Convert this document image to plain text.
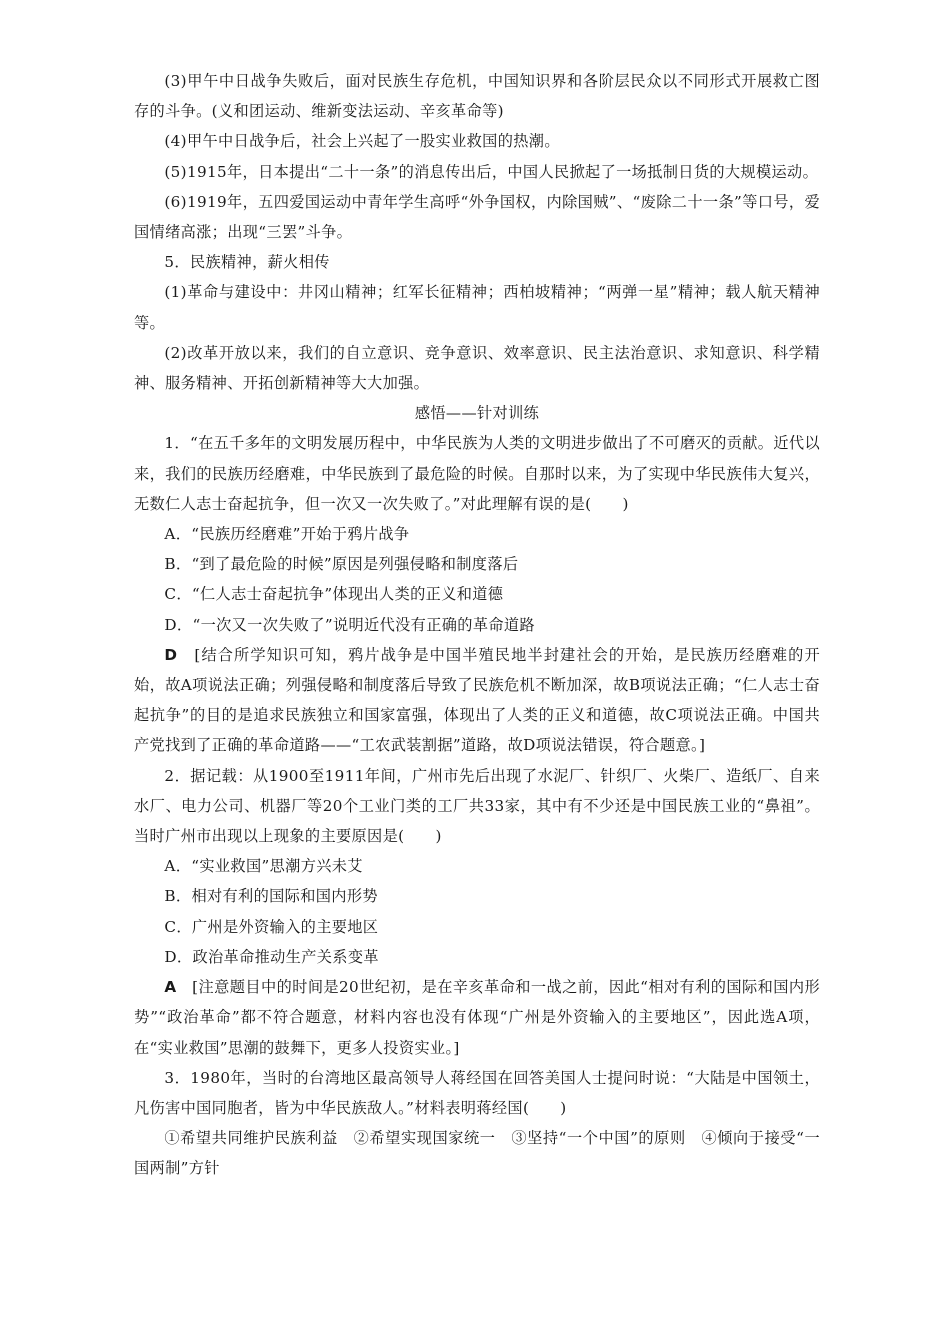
(3)甲午中日战争失败后，面对民族生存危机，中国知识界和各阶层民众以不同形式开展救亡图存的斗争。(义和团运动、维新变法运动、辛亥革命等)

(4)甲午中日战争后，社会上兴起了一股实业救国的热潮。

(5)1915年，日本提出“二十一条”的消息传出后，中国人民掀起了一场抵制日货的大规模运动。

(6)1919年，五四爱国运动中青年学生高呼“外争国权，内除国贼”、“废除二十一条”等口号，爱国情绪高涨；出现“三罢”斗争。

5．民族精神，薪火相传

(1)革命与建设中：井冈山精神；红军长征精神；西柏坡精神；“两弹一星”精神；载人航天精神等。

(2)改革开放以来，我们的自立意识、竞争意识、效率意识、民主法治意识、求知意识、科学精神、服务精神、开拓创新精神等大大加强。

感悟——针对训练

1．“在五千多年的文明发展历程中，中华民族为人类的文明进步做出了不可磨灭的贡献。近代以来，我们的民族历经磨难，中华民族到了最危险的时候。自那时以来，为了实现中华民族伟大复兴，无数仁人志士奋起抗争，但一次又一次失败了。”对此理解有误的是(　　)

A．“民族历经磨难”开始于鸦片战争

B．“到了最危险的时候”原因是列强侵略和制度落后

C．“仁人志士奋起抗争”体现出人类的正义和道德

D．“一次又一次失败了”说明近代没有正确的革命道路

D　[结合所学知识可知，鸦片战争是中国半殖民地半封建社会的开始，是民族历经磨难的开始，故A项说法正确；列强侵略和制度落后导致了民族危机不断加深，故B项说法正确；“仁人志士奋起抗争”的目的是追求民族独立和国家富强，体现出了人类的正义和道德，故C项说法正确。中国共产党找到了正确的革命道路——“工农武装割据”道路，故D项说法错误，符合题意。]

2．据记载：从1900至1911年间，广州市先后出现了水泥厂、针织厂、火柴厂、造纸厂、自来水厂、电力公司、机器厂等20个工业门类的工厂共33家，其中有不少还是中国民族工业的“鼻祖”。当时广州市出现以上现象的主要原因是(　　)

A．“实业救国”思潮方兴未艾

B．相对有利的国际和国内形势

C．广州是外资输入的主要地区

D．政治革命推动生产关系变革

A　[注意题目中的时间是20世纪初，是在辛亥革命和一战之前，因此“相对有利的国际和国内形势”“政治革命”都不符合题意，材料内容也没有体现“广州是外资输入的主要地区”，因此选A项，在“实业救国”思潮的鼓舞下，更多人投资实业。]

3．1980年，当时的台湾地区最高领导人蒋经国在回答美国人士提问时说：“大陆是中国领土，凡伤害中国同胞者，皆为中华民族敌人。”材料表明蒋经国(　　)

①希望共同维护民族利益　②希望实现国家统一　③坚持“一个中国”的原则　④倾向于接受“一国两制”方针
